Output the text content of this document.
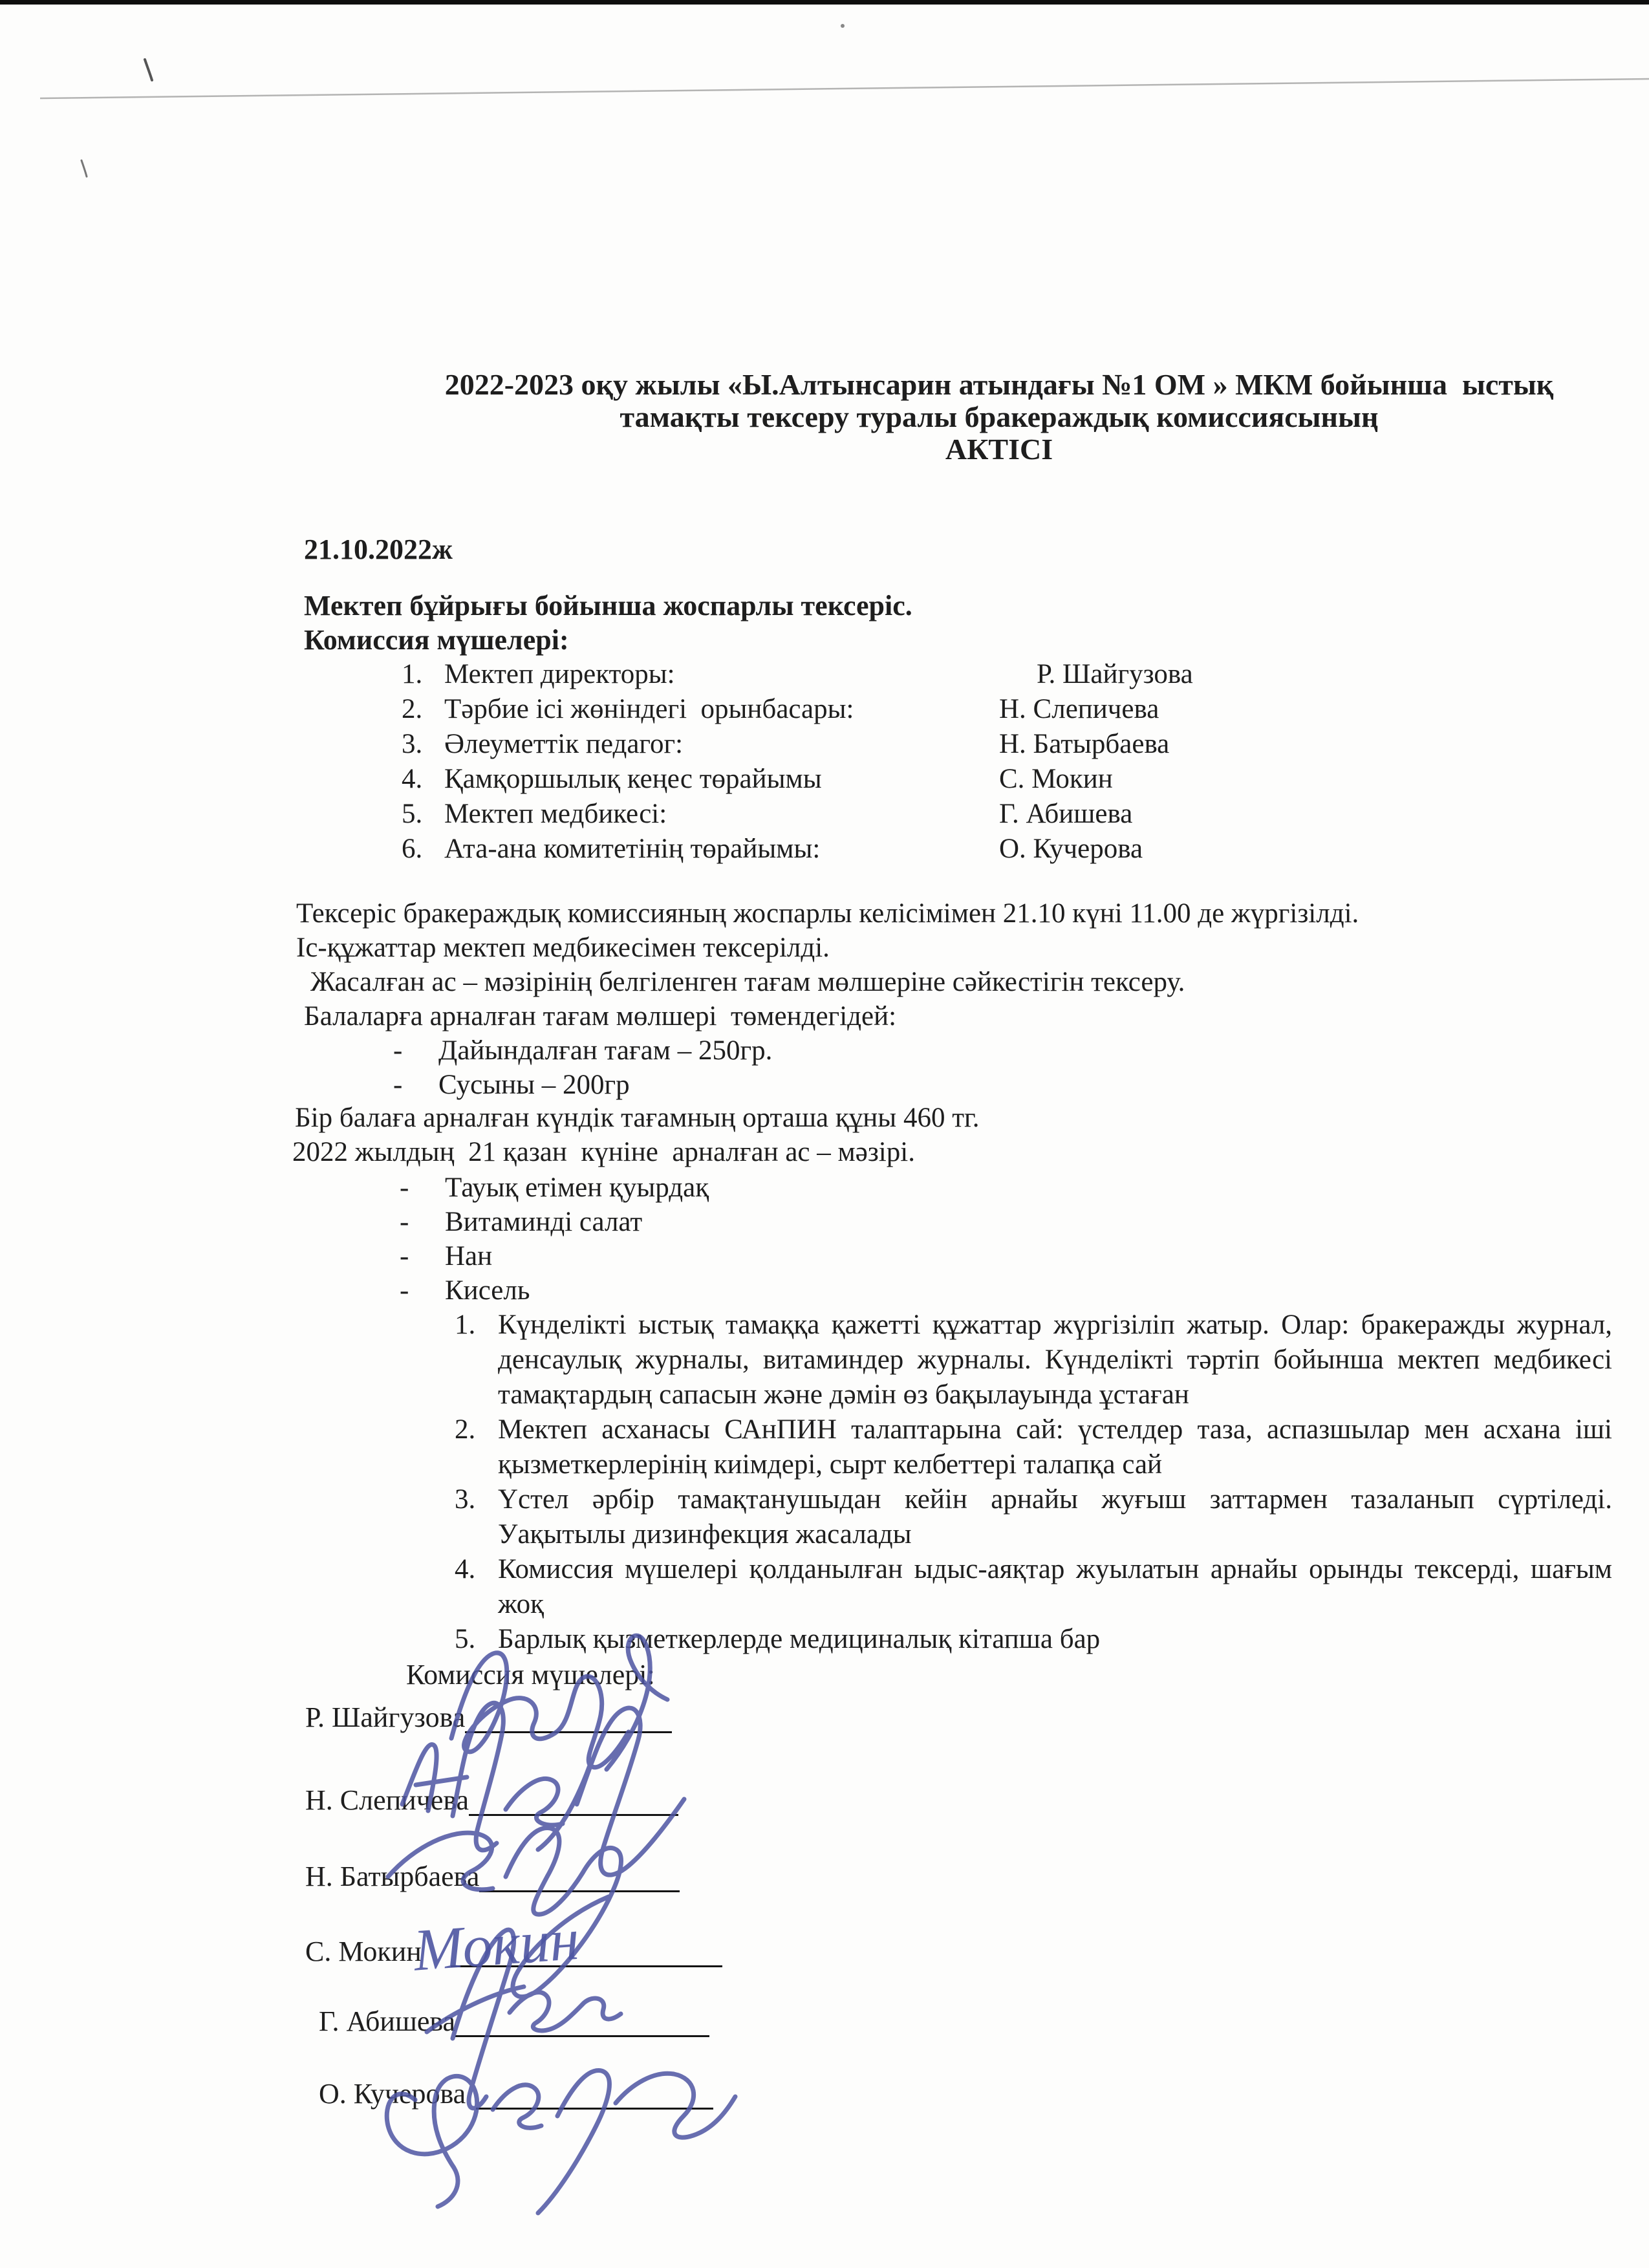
2022-2023 оқу жылы «Ы.Алтынсарин атындағы №1 ОМ » МКМ бойынша  ыстық
тамақты тексеру туралы бракераждық комиссиясының
АКТІСІ
21.10.2022ж
Мектеп бұйрығы бойынша жоспарлы тексеріс.
Комиссия мүшелері:
1. Мектеп директоры:	Р. Шайгузова
2. Тәрбие ісі жөніндегі  орынбасары:	Н. Слепичева
3. Әлеуметтік педагог:	Н. Батырбаева
4. Қамқоршылық кеңес төрайымы	С. Мокин
5. Мектеп медбикесі:	Г. Абишева
6. Ата-ана комитетінің төрайымы:	О. Кучерова
Тексеріс бракераждық комиссияның жоспарлы келісімімен 21.10 күні 11.00 де жүргізілді.
Іс-құжаттар мектеп медбикесімен тексерілді.
Жасалған ас – мәзірінің белгіленген тағам мөлшеріне сәйкестігін тексеру.
Балаларға арналған тағам мөлшері  төмендегідей:
- Дайындалған тағам – 250гр.
- Сусыны – 200гр
Бір балаға арналған күндік тағамның орташа құны 460 тг.
2022 жылдың  21 қазан  күніне  арналған ас – мәзірі.
- Тауық етімен қуырдақ
- Витаминді салат
- Нан
- Кисель
1. Күнделікті ыстық тамаққа қажетті құжаттар жүргізіліп жатыр. Олар: бракеражды журнал, денсаулық журналы, витаминдер журналы. Күнделікті тәртіп бойынша мектеп медбикесі тамақтардың сапасын және дәмін өз бақылауында ұстаған
2. Мектеп асханасы САнПИН талаптарына сай: үстелдер таза, аспазшылар мен асхана іші қызметкерлерінің киімдері, сырт келбеттері талапқа сай
3. Үстел әрбір тамақтанушыдан кейін арнайы жуғыш заттармен тазаланып сүртіледі. Уақытылы дизинфекция жасалады
4. Комиссия мүшелері қолданылған ыдыс-аяқтар жуылатын арнайы орынды тексерді, шағым жоқ
5. Барлық қызметкерлерде медициналық кітапша бар
Комиссия мүшелері:
Р. Шайгузова
Н. Слепичева
Н. Батырбаева
С. Мокин
Г. Абишева
О. Кучерова
Мокин
